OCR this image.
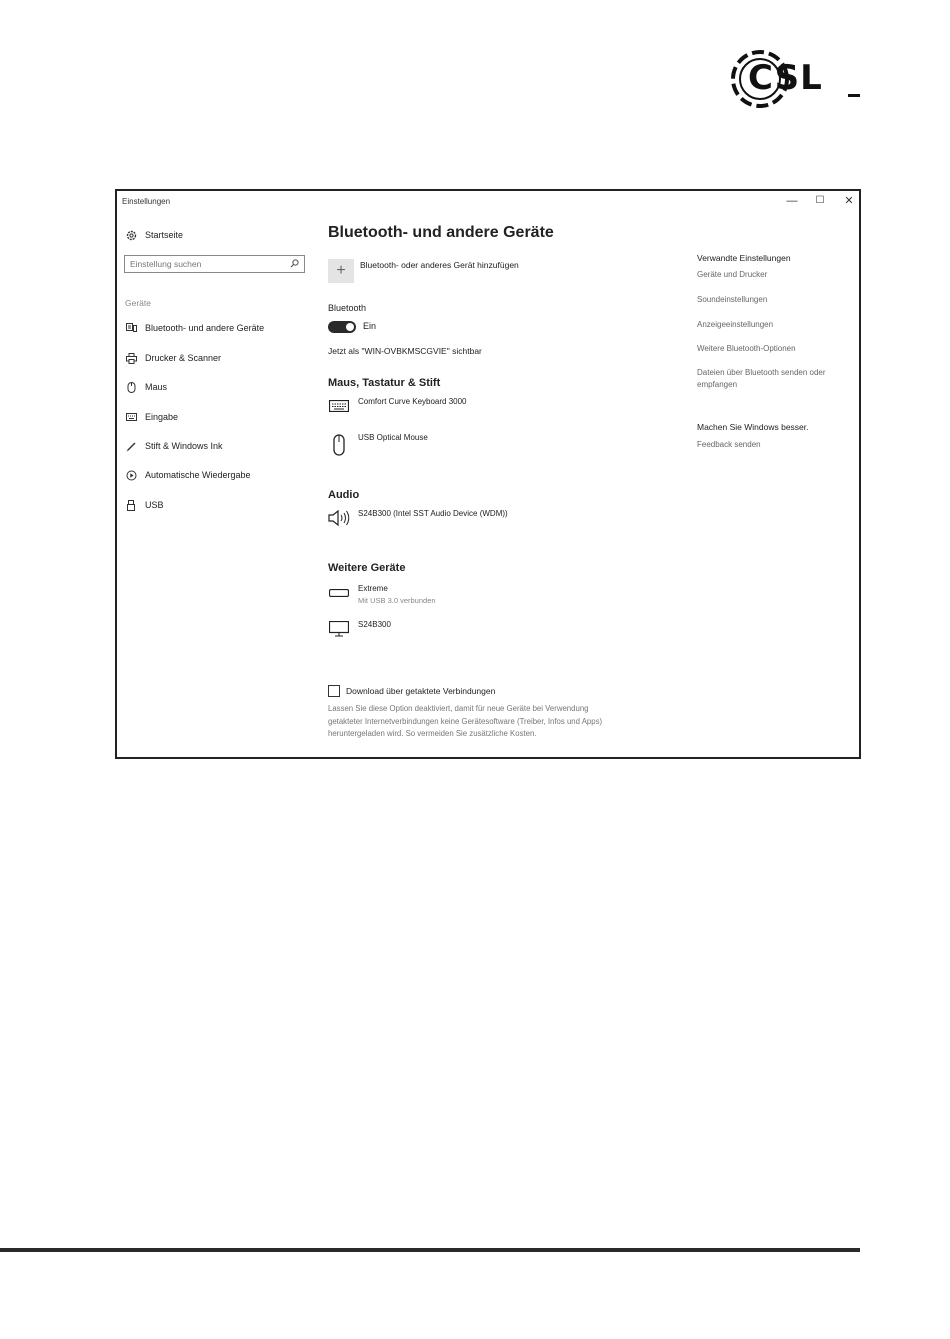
CSL
Einstellungen	—	☐	✕
Startseite
Einstellung suchen
Geräte
Bluetooth- und andere Geräte
Drucker & Scanner
Maus
Eingabe
Stift & Windows Ink
Automatische Wiedergabe
USB
Bluetooth- und andere Geräte
+	Bluetooth- oder anderes Gerät hinzufügen
Bluetooth
Ein
Jetzt als "WIN-OVBKMSCGVIE" sichtbar
Maus, Tastatur & Stift
Comfort Curve Keyboard 3000
USB Optical Mouse
Audio
S24B300 (Intel SST Audio Device (WDM))
Weitere Geräte
Extreme
Mit USB 3.0 verbunden
S24B300
Download über getaktete Verbindungen

Lassen Sie diese Option deaktiviert, damit für neue Geräte bei Verwendung getakteter Internetverbindungen keine Gerätesoftware (Treiber, Infos und Apps) heruntergeladen wird. So vermeiden Sie zusätzliche Kosten.

Verwandte Einstellungen
Geräte und Drucker
Soundeinstellungen
Anzeigeeinstellungen
Weitere Bluetooth-Optionen
Dateien über Bluetooth senden oder empfangen
Machen Sie Windows besser.
Feedback senden
